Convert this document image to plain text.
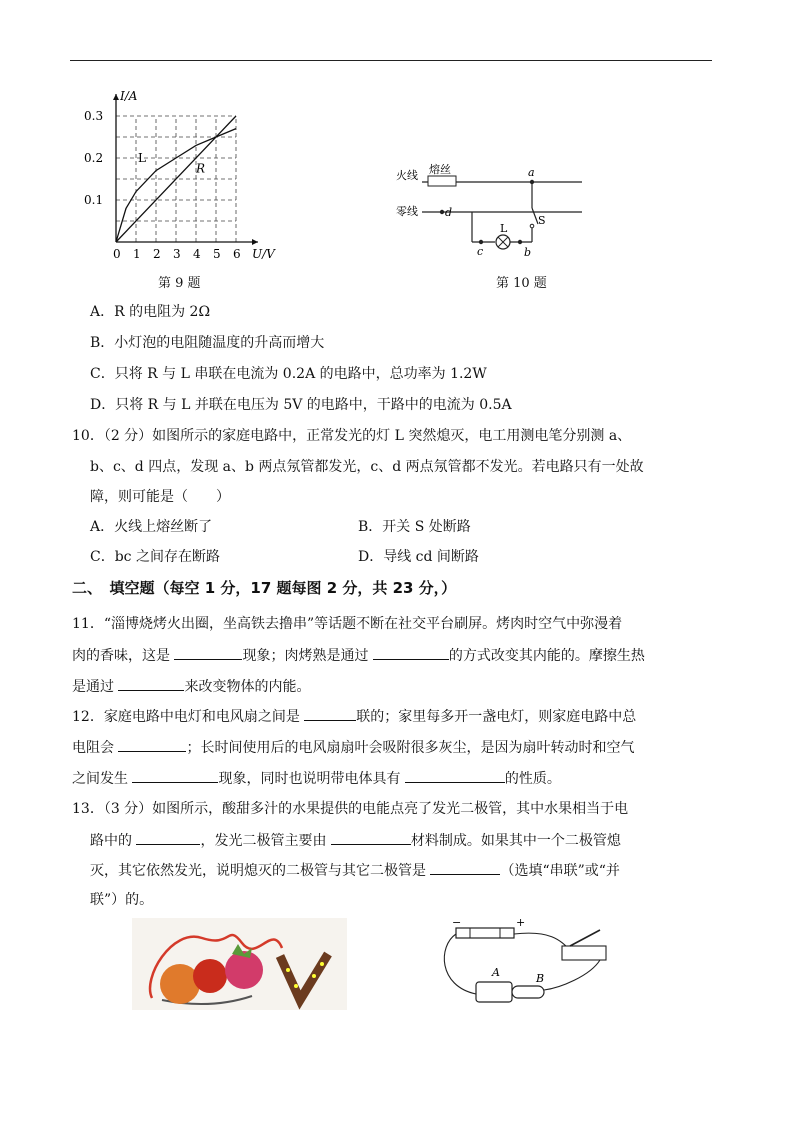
L
R
0 1 2 3 4 5 6
0.1
0.2
0.3
U/V
I/A
第 9 题
火线 熔丝
零线
a
d
c
L
b
S
第 10 题
A．R 的电阻为 2Ω
B．小灯泡的电阻随温度的升高而增大
C．只将 R 与 L 串联在电流为 0.2A 的电路中，总功率为 1.2W
D．只将 R 与 L 并联在电压为 5V 的电路中，干路中的电流为 0.5A
10．（2 分）如图所示的家庭电路中，正常发光的灯 L 突然熄灭，电工用测电笔分别测 a、
b、c、d 四点，发现 a、b 两点氖管都发光，c、d 两点氖管都不发光。若电路只有一处故
障，则可能是（　　）
A．火线上熔丝断了	B．开关 S 处断路
C．bc 之间存在断路	D．导线 cd 间断路
二、　填空题（每空 1 分，17 题每图 2 分，共 23 分，）
11．“淄博烧烤火出圈，坐高铁去撸串”等话题不断在社交平台刷屏。烤肉时空气中弥漫着
肉的香味，这是	现象；肉烤熟是通过	的方式改变其内能的。摩擦生热
是通过	来改变物体的内能。
12．家庭电路中电灯和电风扇之间是	联的；家里每多开一盏电灯，则家庭电路中总
电阻会	；长时间使用后的电风扇扇叶会吸附很多灰尘，是因为扇叶转动时和空气
之间发生	现象，同时也说明带电体具有	的性质。
13．（3 分）如图所示，酸甜多汁的水果提供的电能点亮了发光二极管，其中水果相当于电
路中的	，发光二极管主要由	材料制成。如果其中一个二极管熄
灭，其它依然发光，说明熄灭的二极管与其它二极管是	（选填“串联”或“并
联”）的。
−	+
A	B
